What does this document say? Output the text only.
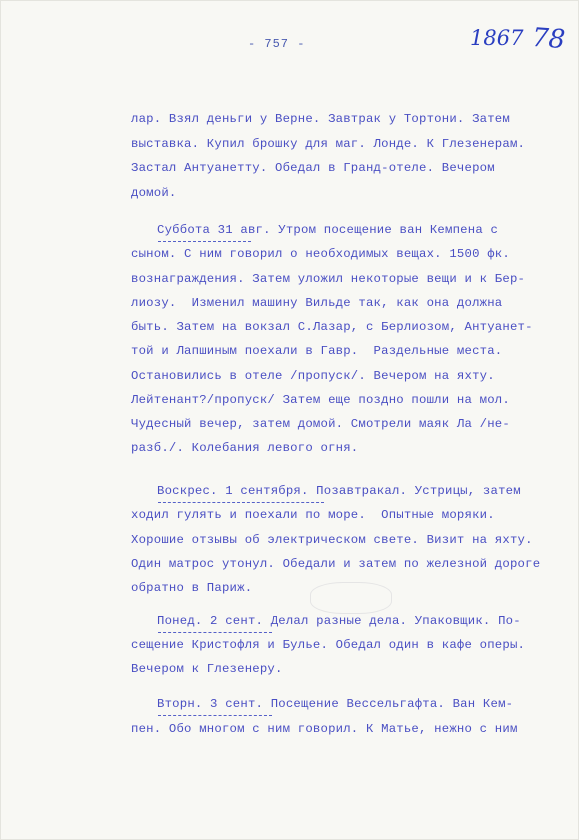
- 757 -	1867 78
лар. Взял деньги у Верне. Завтрак у Тортони. Затем
выставка. Купил брошку для маг. Лонде. К Глезенерам.
Застал Антуанетту. Обедал в Гранд-отеле. Вечером
домой.
Суббота 31 авг. Утром посещение ван Кемпена с
сыном. С ним говорил о необходимых вещах. 1500 фк.
вознаграждения. Затем уложил некоторые вещи и к Бер-
лиозу.  Изменил машину Вильде так, как она должна
быть. Затем на вокзал С.Лазар, с Берлиозом, Антуанет-
той и Лапшиным поехали в Гавр.  Раздельные места.
Остановились в отеле /пропуск/. Вечером на яхту.
Лейтенант?/пропуск/ Затем еще поздно пошли на мол.
Чудесный вечер, затем домой. Смотрели маяк Ла /не-
разб./. Колебания левого огня.
Воскрес. 1 сентября. Позавтракал. Устрицы, затем
ходил гулять и поехали по море.  Опытные моряки.
Хорошие отзывы об электрическом свете. Визит на яхту.
Один матрос утонул. Обедали и затем по железной дороге
обратно в Париж.
Понед. 2 сент. Делал разные дела. Упаковщик. По-
сещение Кристофля и Булье. Обедал один в кафе оперы.
Вечером к Глезенеру.
Вторн. 3 сент. Посещение Вессельгафта. Ван Кем-
пен. Обо многом с ним говорил. К Матье, нежно с ним
